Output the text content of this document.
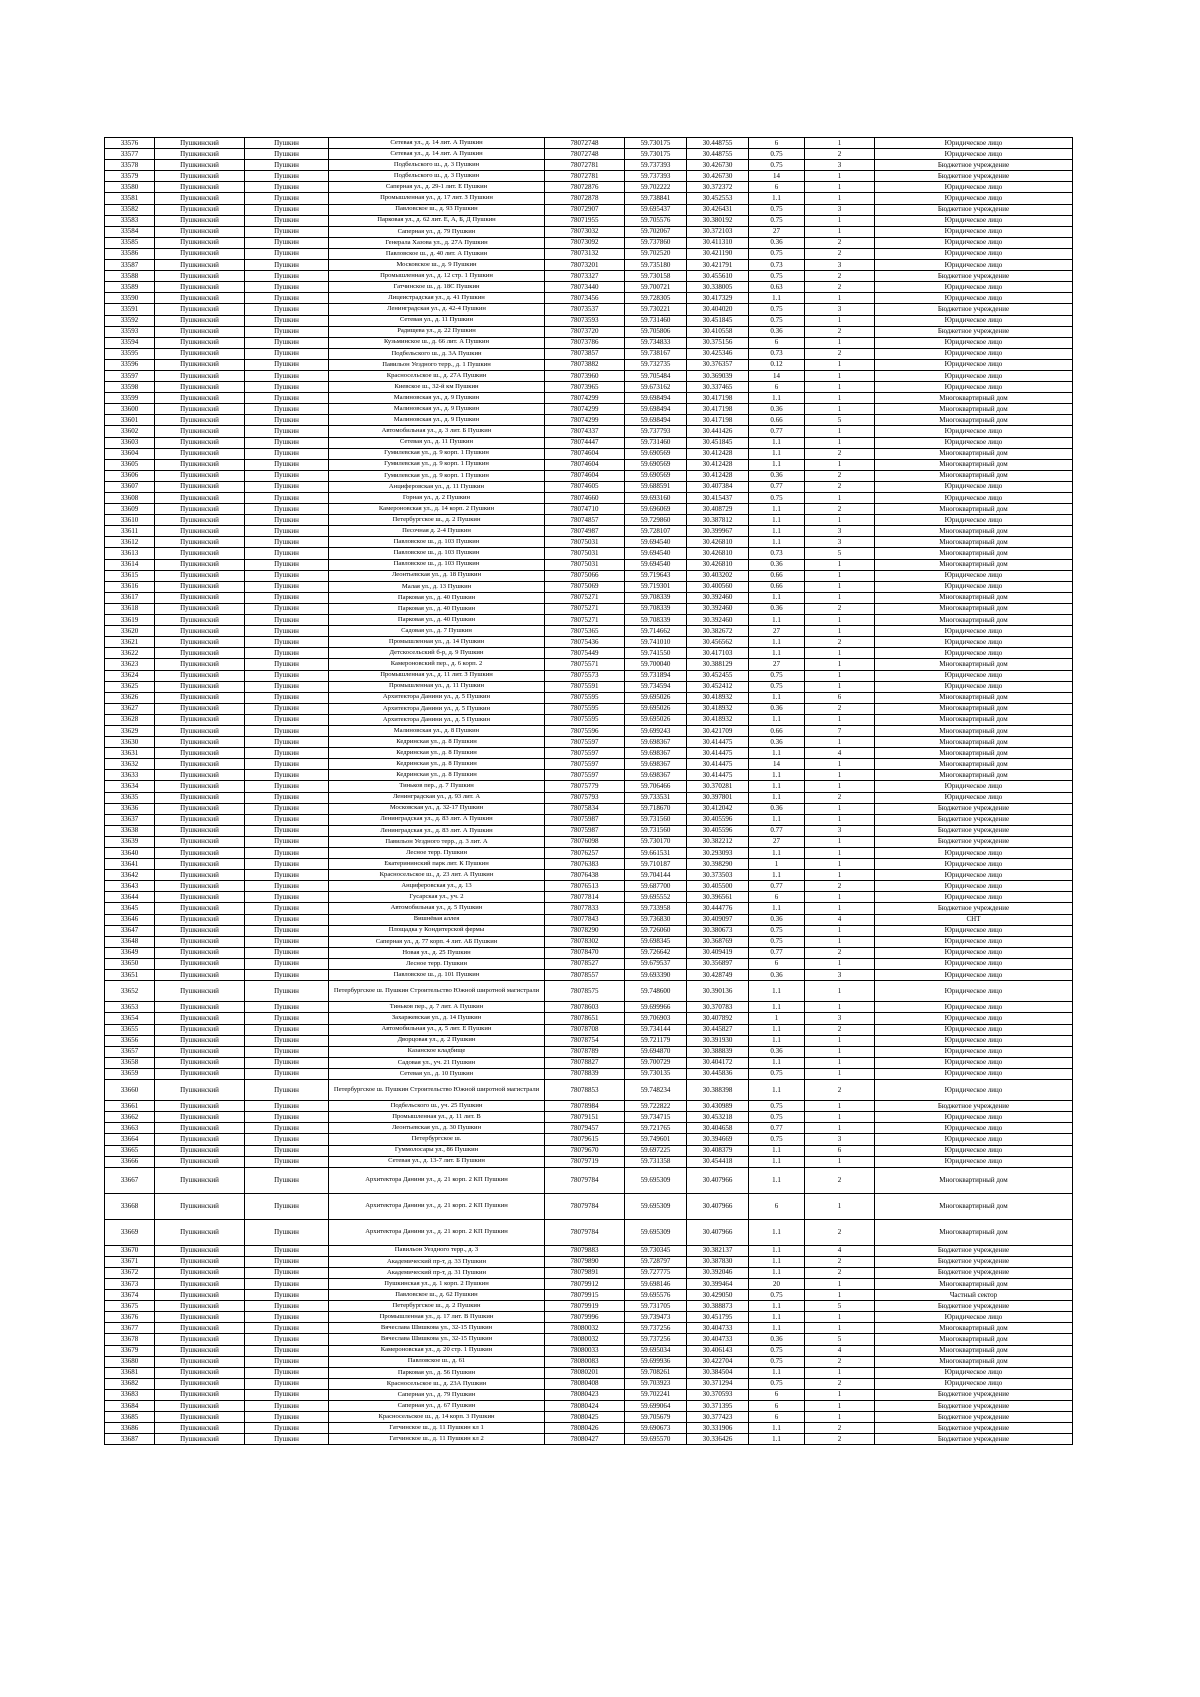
33576	Пушкинский	Пушкин	Сетевая ул., д. 14 лит. А Пушкин	78072748	59.730175	30.448755	6	1	Юридическое лицо
33577	Пушкинский	Пушкин	Сетевая ул., д. 14 лит. А Пушкин	78072748	59.730175	30.448755	0.75	2	Юридическое лицо
33578	Пушкинский	Пушкин	Подбельского ш., д. 3 Пушкин	78072781	59.737393	30.426730	0.75	3	Бюджетное учреждение
33579	Пушкинский	Пушкин	Подбельского ш., д. 3 Пушкин	78072781	59.737393	30.426730	14	1	Бюджетное учреждение
33580	Пушкинский	Пушкин	Саперная ул., д. 29-1 лит. Е Пушкин	78072876	59.702222	30.372372	6	1	Юридическое лицо
33581	Пушкинский	Пушкин	Промышленная ул., д. 17 лит. З Пушкин	78072878	59.738841	30.452553	1.1	1	Юридическое лицо
33582	Пушкинский	Пушкин	Павловское ш., д. 93 Пушкин	78072907	59.695437	30.426431	0.75	3	Бюджетное учреждение
33583	Пушкинский	Пушкин	Парковая ул., д. 62 лит. Е, А, Б, Д Пушкин	78071955	59.705576	30.380192	0.75	1	Юридическое лицо
33584	Пушкинский	Пушкин	Саперная ул., д. 79 Пушкин	78073032	59.702067	30.372103	27	1	Юридическое лицо
33585	Пушкинский	Пушкин	Генерала Хазова ул., д. 27А Пушкин	78073092	59.737860	30.411310	0.36	2	Юридическое лицо
33586	Пушкинский	Пушкин	Павловское ш., д. 40 лит. А Пушкин	78073132	59.702520	30.421190	0.75	2	Юридическое лицо
33587	Пушкинский	Пушкин	Московское ш., д. 9 Пушкин	78073201	59.735180	30.421791	0.73	3	Юридическое лицо
33588	Пушкинский	Пушкин	Промышленная ул., д. 12 стр. 1 Пушкин	78073327	59.730158	30.455610	0.75	2	Бюджетное учреждение
33589	Пушкинский	Пушкин	Гатчинское ш., д. 18С Пушкин	78073440	59.700721	30.338005	0.63	2	Юридическое лицо
33590	Пушкинский	Пушкин	Лицеистрадская ул., д. 41 Пушкин	78073456	59.728305	30.417329	1.1	1	Юридическое лицо
33591	Пушкинский	Пушкин	Ленинградская ул., д. 42-4 Пушкин	78073537	59.730221	30.404020	0.75	3	Бюджетное учреждение
33592	Пушкинский	Пушкин	Сетевая ул., д. 11 Пушкин	78073593	59.731460	30.451845	0.75	1	Юридическое лицо
33593	Пушкинский	Пушкин	Радищева ул., д. 22 Пушкин	78073720	59.705806	30.410558	0.36	2	Бюджетное учреждение
33594	Пушкинский	Пушкин	Кузьминское ш., д. 66 лит. А Пушкин	78073786	59.734833	30.375156	6	1	Юридическое лицо
33595	Пушкинский	Пушкин	Подбельского ш., д. 3А Пушкин	78073857	59.738167	30.425346	0.73	2	Юридическое лицо
33596	Пушкинский	Пушкин	Павильон Уездного терр., д. 1 Пушкин	78073882	59.732735	30.376357	0.12	1	Юридическое лицо
33597	Пушкинский	Пушкин	Красносельское ш., д. 27А Пушкин	78073960	59.705484	30.369039	14	1	Юридическое лицо
33598	Пушкинский	Пушкин	Киевское ш., 32-й км Пушкин	78073965	59.673162	30.337465	6	1	Юридическое лицо
33599	Пушкинский	Пушкин	Малиновская ул., д. 9 Пушкин	78074299	59.698494	30.417198	1.1	1	Многоквартирный дом
33600	Пушкинский	Пушкин	Малиновская ул., д. 9 Пушкин	78074299	59.698494	30.417198	0.36	1	Многоквартирный дом
33601	Пушкинский	Пушкин	Малиновская ул., д. 9 Пушкин	78074299	59.698494	30.417198	0.66	5	Многоквартирный дом
33602	Пушкинский	Пушкин	Автомобильная ул., д. 3 лит. Б Пушкин	78074337	59.737793	30.441426	0.77	1	Юридическое лицо
33603	Пушкинский	Пушкин	Сетевая ул., д. 11 Пушкин	78074447	59.731460	30.451845	1.1	1	Юридическое лицо
33604	Пушкинский	Пушкин	Гумилевская ул., д. 9 корп. 1 Пушкин	78074604	59.690569	30.412428	1.1	2	Многоквартирный дом
33605	Пушкинский	Пушкин	Гумилевская ул., д. 9 корп. 1 Пушкин	78074604	59.690569	30.412428	1.1	1	Многоквартирный дом
33606	Пушкинский	Пушкин	Гумилевская ул., д. 9 корп. 1 Пушкин	78074604	59.690569	30.412428	0.36	2	Многоквартирный дом
33607	Пушкинский	Пушкин	Анциферовская ул., д. 11 Пушкин	78074605	59.688591	30.407384	0.77	2	Юридическое лицо
33608	Пушкинский	Пушкин	Горная ул., д. 2 Пушкин	78074660	59.693160	30.415437	0.75	1	Юридическое лицо
33609	Пушкинский	Пушкин	Камероновская ул., д. 14 корп. 2 Пушкин	78074710	59.696069	30.408729	1.1	2	Многоквартирный дом
33610	Пушкинский	Пушкин	Петербургское ш., д. 2 Пушкин	78074857	59.729860	30.387812	1.1	1	Юридическое лицо
33611	Пушкинский	Пушкин	Песочная д. 2-4 Пушкин	78074987	59.728107	30.399967	1.1	3	Многоквартирный дом
33612	Пушкинский	Пушкин	Павловское ш., д. 103 Пушкин	78075031	59.694540	30.426810	1.1	3	Многоквартирный дом
33613	Пушкинский	Пушкин	Павловское ш., д. 103 Пушкин	78075031	59.694540	30.426810	0.73	5	Многоквартирный дом
33614	Пушкинский	Пушкин	Павловское ш., д. 103 Пушкин	78075031	59.694540	30.426810	0.36	1	Многоквартирный дом
33615	Пушкинский	Пушкин	Леонтьевская ул., д. 18 Пушкин	78075066	59.719643	30.403202	0.66	1	Юридическое лицо
33616	Пушкинский	Пушкин	Малая ул., д. 13 Пушкин	78075069	59.719301	30.400560	0.66	1	Юридическое лицо
33617	Пушкинский	Пушкин	Парковая ул., д. 40 Пушкин	78075271	59.708339	30.392460	1.1	1	Многоквартирный дом
33618	Пушкинский	Пушкин	Парковая ул., д. 40 Пушкин	78075271	59.708339	30.392460	0.36	2	Многоквартирный дом
33619	Пушкинский	Пушкин	Парковая ул., д. 40 Пушкин	78075271	59.708339	30.392460	1.1	1	Многоквартирный дом
33620	Пушкинский	Пушкин	Садовая ул., д. 7 Пушкин	78075365	59.714662	30.382672	27	1	Юридическое лицо
33621	Пушкинский	Пушкин	Промышленная ул., д. 14 Пушкин	78075436	59.741010	30.456562	1.1	2	Юридическое лицо
33622	Пушкинский	Пушкин	Детскосельский б-р, д. 9 Пушкин	78075449	59.741550	30.417103	1.1	1	Юридическое лицо
33623	Пушкинский	Пушкин	Камероновский пер., д. 6 корп. 2	78075571	59.700040	30.388129	27	1	Многоквартирный дом
33624	Пушкинский	Пушкин	Промышленная ул., д. 11 лит. З Пушкин	78075573	59.731894	30.452455	0.75	1	Юридическое лицо
33625	Пушкинский	Пушкин	Промышленная ул., д. 11 Пушкин	78075591	59.734594	30.452412	0.75	1	Юридическое лицо
33626	Пушкинский	Пушкин	Архитектора Данини ул., д. 5 Пушкин	78075595	59.695026	30.418932	1.1	6	Многоквартирный дом
33627	Пушкинский	Пушкин	Архитектора Данини ул., д. 5 Пушкин	78075595	59.695026	30.418932	0.36	2	Многоквартирный дом
33628	Пушкинский	Пушкин	Архитектора Данини ул., д. 5 Пушкин	78075595	59.695026	30.418932	1.1	1	Многоквартирный дом
33629	Пушкинский	Пушкин	Малиновская ул., д. 8 Пушкин	78075596	59.699243	30.421709	0.66	7	Многоквартирный дом
33630	Пушкинский	Пушкин	Кедринская ул., д. 8 Пушкин	78075597	59.698367	30.414475	0.36	1	Многоквартирный дом
33631	Пушкинский	Пушкин	Кедринская ул., д. 8 Пушкин	78075597	59.698367	30.414475	1.1	4	Многоквартирный дом
33632	Пушкинский	Пушкин	Кедринская ул., д. 8 Пушкин	78075597	59.698367	30.414475	14	1	Многоквартирный дом
33633	Пушкинский	Пушкин	Кедринская ул., д. 8 Пушкин	78075597	59.698367	30.414475	1.1	1	Многоквартирный дом
33634	Пушкинский	Пушкин	Тиньков пер., д. 7 Пушкин	78075779	59.706466	30.370281	1.1	1	Юридическое лицо
33635	Пушкинский	Пушкин	Ленинградская ул., д. 93 лит. А	78075793	59.733531	30.397801	1.1	2	Юридическое лицо
33636	Пушкинский	Пушкин	Московская ул., д. 32-17 Пушкин	78075834	59.718670	30.412042	0.36	1	Бюджетное учреждение
33637	Пушкинский	Пушкин	Ленинградская ул., д. 83 лит. А Пушкин	78075987	59.731560	30.405596	1.1	1	Бюджетное учреждение
33638	Пушкинский	Пушкин	Ленинградская ул., д. 83 лит. А Пушкин	78075987	59.731560	30.405596	0.77	3	Бюджетное учреждение
33639	Пушкинский	Пушкин	Павильон Уездного терр., д. 3 лит. А	78076098	59.730170	30.382212	27	1	Бюджетное учреждение
33640	Пушкинский	Пушкин	Лесное терр. Пушкин	78076257	59.661531	30.293093	1.1	1	Юридическое лицо
33641	Пушкинский	Пушкин	Екатерининский парк лит. К Пушкин	78076383	59.710187	30.398290	1	1	Юридическое лицо
33642	Пушкинский	Пушкин	Красносельское ш., д. 23 лит. А Пушкин	78076438	59.704144	30.373503	1.1	1	Юридическое лицо
33643	Пушкинский	Пушкин	Анциферовская ул., д. 13	78076513	59.687700	30.405500	0.77	2	Юридическое лицо
33644	Пушкинский	Пушкин	Гусарская ул., уч. 2	78077814	59.695552	30.396561	6	1	Юридическое лицо
33645	Пушкинский	Пушкин	Автомобильная ул., д. 5 Пушкин	78077833	59.733958	30.444776	1.1	1	Бюджетное учреждение
33646	Пушкинский	Пушкин	Вишнёвая аллея	78077843	59.736830	30.409097	0.36	4	СНТ
33647	Пушкинский	Пушкин	Площадка у Кондитерской фермы	78078290	59.726060	30.380673	0.75	1	Юридическое лицо
33648	Пушкинский	Пушкин	Саперная ул., д. 77 корп. 4 лит. АБ Пушкин	78078302	59.698345	30.368769	0.75	1	Юридическое лицо
33649	Пушкинский	Пушкин	Новая ул., д. 25 Пушкин	78078470	59.726642	30.409419	0.77	2	Юридическое лицо
33650	Пушкинский	Пушкин	Лесное терр. Пушкин	78078527	59.679537	30.356897	6	1	Юридическое лицо
33651	Пушкинский	Пушкин	Павловское ш., д. 101 Пушкин	78078557	59.693390	30.428749	0.36	3	Юридическое лицо
33652	Пушкинский	Пушкин	Петербургское ш. Пушкин Строительство Южной широтной магистрали	78078575	59.748600	30.390136	1.1	1	Юридическое лицо
33653	Пушкинский	Пушкин	Тиньков пер., д. 7 лит. А Пушкин	78078603	59.699966	30.370783	1.1	1	Юридическое лицо
33654	Пушкинский	Пушкин	Захаржевская ул., д. 14 Пушкин	78078651	59.706903	30.407892	1	3	Юридическое лицо
33655	Пушкинский	Пушкин	Автомобильная ул., д. 5 лит. Е Пушкин	78078708	59.734144	30.445827	1.1	2	Юридическое лицо
33656	Пушкинский	Пушкин	Дворцовая ул., д. 2 Пушкин	78078754	59.721179	30.391930	1.1	1	Юридическое лицо
33657	Пушкинский	Пушкин	Казанское кладбище	78078789	59.694870	30.388839	0.36	1	Юридическое лицо
33658	Пушкинский	Пушкин	Садовая ул., уч. 21 Пушкин	78078827	59.700729	30.404172	1.1	1	Юридическое лицо
33659	Пушкинский	Пушкин	Сетевая ул., д. 10 Пушкин	78078839	59.730135	30.445836	0.75	1	Юридическое лицо
33660	Пушкинский	Пушкин	Петербургское ш. Пушкин Строительство Южной широтной магистрали	78078853	59.748234	30.388398	1.1	2	Юридическое лицо
33661	Пушкинский	Пушкин	Подбельского ш., уч. 25 Пушкин	78078984	59.722822	30.430989	0.75	1	Бюджетное учреждение
33662	Пушкинский	Пушкин	Промышленная ул., д. 11 лит. В	78079151	59.734715	30.453218	0.75	1	Юридическое лицо
33663	Пушкинский	Пушкин	Леонтьевская ул., д. 30 Пушкин	78079457	59.721765	30.404658	0.77	1	Юридическое лицо
33664	Пушкинский	Пушкин	Петербургское ш.	78079615	59.749601	30.394669	0.75	3	Юридическое лицо
33665	Пушкинский	Пушкин	Гуммолосары ул., 86 Пушкин	78079670	59.697225	30.408379	1.1	6	Юридическое лицо
33666	Пушкинский	Пушкин	Сетевая ул., д. 13-7 лит. Б Пушкин	78079719	59.731358	30.454418	1.1	1	Юридическое лицо
33667	Пушкинский	Пушкин	Архитектора Данини ул., д. 21 корп. 2 КП Пушкин	78079784	59.695309	30.407966	1.1	2	Многоквартирный дом
33668	Пушкинский	Пушкин	Архитектора Данини ул., д. 21 корп. 2 КП Пушкин	78079784	59.695309	30.407966	6	1	Многоквартирный дом
33669	Пушкинский	Пушкин	Архитектора Данини ул., д. 21 корп. 2 КП Пушкин	78079784	59.695309	30.407966	1.1	2	Многоквартирный дом
33670	Пушкинский	Пушкин	Павильон Уездного терр., д. 3	78079883	59.730345	30.382137	1.1	4	Бюджетное учреждение
33671	Пушкинский	Пушкин	Академический пр-т, д. 33 Пушкин	78079890	59.728797	30.387830	1.1	2	Бюджетное учреждение
33672	Пушкинский	Пушкин	Академический пр-т, д. 31 Пушкин	78079891	59.727775	30.392046	1.1	2	Бюджетное учреждение
33673	Пушкинский	Пушкин	Пушкинская ул., д. 1 корп. 2 Пушкин	78079912	59.698146	30.399464	20	1	Многоквартирный дом
33674	Пушкинский	Пушкин	Павловское ш., д. 62 Пушкин	78079915	59.695576	30.429050	0.75	1	Частный сектор
33675	Пушкинский	Пушкин	Петербургское ш., д. 2 Пушкин	78079919	59.731705	30.388873	1.1	5	Бюджетное учреждение
33676	Пушкинский	Пушкин	Промышленная ул., д. 17 лит. В Пушкин	78079996	59.739473	30.451795	1.1	1	Юридическое лицо
33677	Пушкинский	Пушкин	Вячеслава Шишкова ул., 32-15 Пушкин	78080032	59.737256	30.404733	1.1	1	Многоквартирный дом
33678	Пушкинский	Пушкин	Вячеслава Шишкова ул., 32-15 Пушкин	78080032	59.737256	30.404733	0.36	5	Многоквартирный дом
33679	Пушкинский	Пушкин	Камероновская ул., д. 20 стр. 1 Пушкин	78080033	59.695034	30.406143	0.75	4	Многоквартирный дом
33680	Пушкинский	Пушкин	Павловское ш., д. 61	78080083	59.699936	30.422704	0.75	2	Многоквартирный дом
33681	Пушкинский	Пушкин	Парковая ул., д. 56 Пушкин	78080201	59.708261	30.384504	1.1	1	Юридическое лицо
33682	Пушкинский	Пушкин	Красносельское ш., д. 23А Пушкин	78080408	59.703923	30.371294	0.75	2	Юридическое лицо
33683	Пушкинский	Пушкин	Саперная ул., д. 79 Пушкин	78080423	59.702241	30.370593	6	1	Бюджетное учреждение
33684	Пушкинский	Пушкин	Саперная ул., д. 67 Пушкин	78080424	59.699064	30.371395	6	1	Бюджетное учреждение
33685	Пушкинский	Пушкин	Красносельское ш., д. 14 корп. 3 Пушкин	78080425	59.705679	30.377423	6	1	Бюджетное учреждение
33686	Пушкинский	Пушкин	Гатчинское ш., д. 11 Пушкин кл 1	78080426	59.690673	30.331906	1.1	2	Бюджетное учреждение
33687	Пушкинский	Пушкин	Гатчинское ш., д. 11 Пушкин кл 2	78080427	59.695570	30.336426	1.1	2	Бюджетное учреждение
